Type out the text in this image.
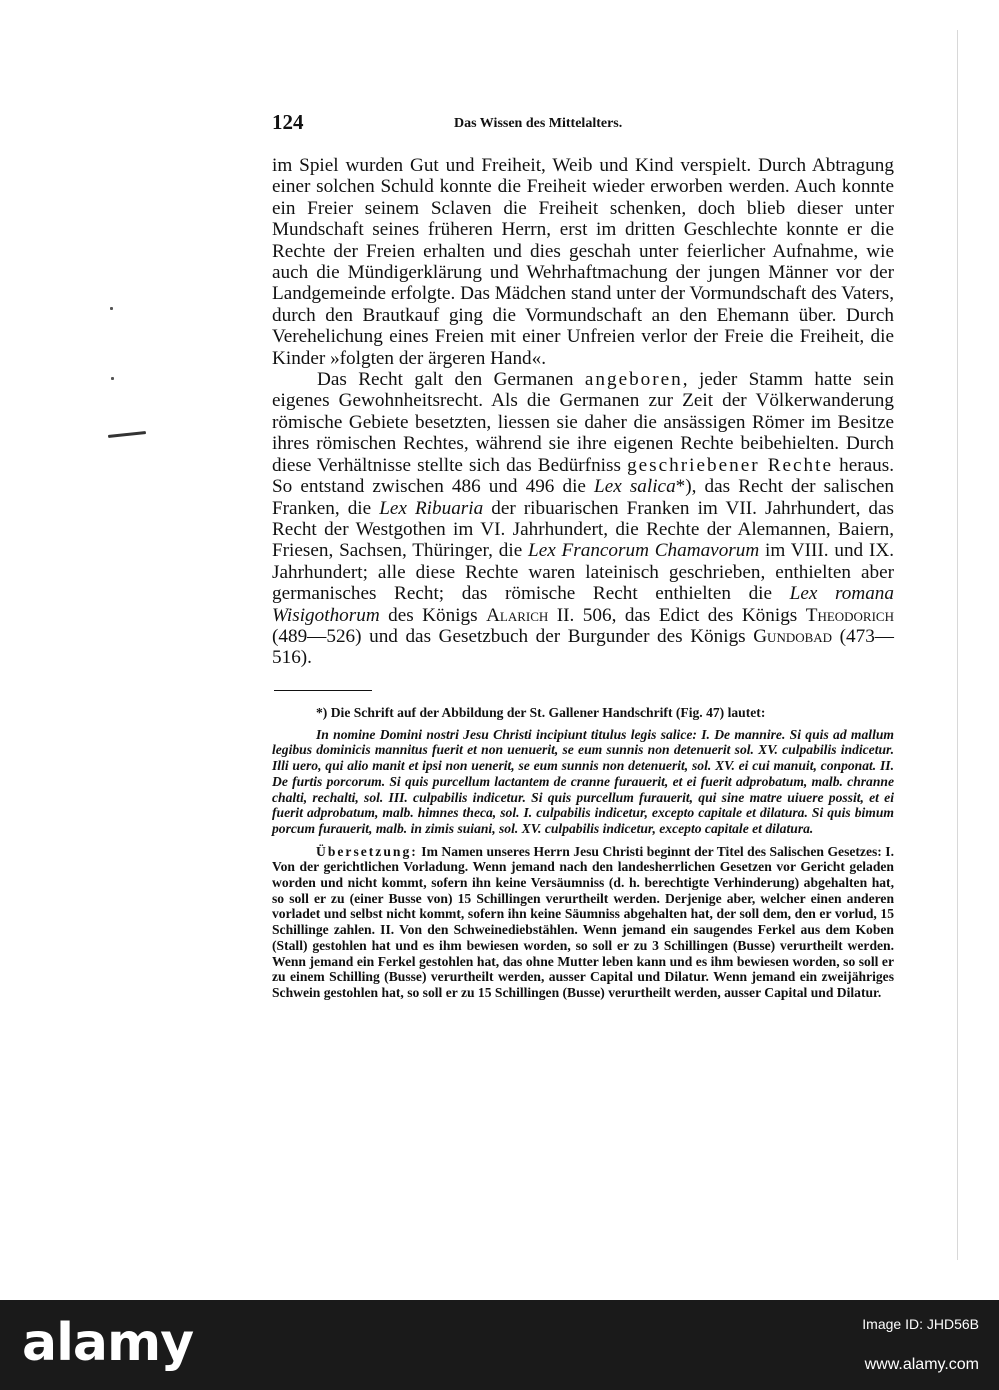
124	Das Wissen des Mittelalters.

im Spiel wurden Gut und Freiheit, Weib und Kind verspielt. Durch Abtragung einer solchen Schuld konnte die Freiheit wieder erworben werden. Auch konnte ein Freier seinem Sclaven die Freiheit schenken, doch blieb dieser unter Mundschaft seines früheren Herrn, erst im dritten Geschlechte konnte er die Rechte der Freien erhalten und dies geschah unter feierlicher Aufnahme, wie auch die Mündigerklärung und Wehrhaftmachung der jungen Männer vor der Landgemeinde erfolgte. Das Mädchen stand unter der Vormundschaft des Vaters, durch den Brautkauf ging die Vormundschaft an den Ehemann über. Durch Verehelichung eines Freien mit einer Unfreien verlor der Freie die Freiheit, die Kinder »folgten der ärgeren Hand«.

Das Recht galt den Germanen angeboren, jeder Stamm hatte sein eigenes Gewohnheitsrecht. Als die Germanen zur Zeit der Völkerwanderung römische Gebiete besetzten, liessen sie daher die ansässigen Römer im Besitze ihres römischen Rechtes, während sie ihre eigenen Rechte beibehielten. Durch diese Verhältnisse stellte sich das Bedürfniss geschriebener Rechte heraus. So entstand zwischen 486 und 496 die Lex salica*), das Recht der salischen Franken, die Lex Ribuaria der ribuarischen Franken im VII. Jahrhundert, das Recht der Westgothen im VI. Jahrhundert, die Rechte der Alemannen, Baiern, Friesen, Sachsen, Thüringer, die Lex Francorum Chamavorum im VIII. und IX. Jahrhundert; alle diese Rechte waren lateinisch geschrieben, enthielten aber germanisches Recht; das römische Recht enthielten die Lex romana Wisigothorum des Königs Alarich II. 506, das Edict des Königs Theodorich (489—526) und das Gesetzbuch der Burgunder des Königs Gundobad (473—516).

*) Die Schrift auf der Abbildung der St. Gallener Handschrift (Fig. 47) lautet:

In nomine Domini nostri Jesu Christi incipiunt titulus legis salice: I. De mannire. Si quis ad mallum legibus dominicis mannitus fuerit et non uenuerit, se eum sunnis non detenuerit sol. XV. culpabilis indicetur. Illi uero, qui alio manit et ipsi non uenerit, se eum sunnis non detenuerit, sol. XV. ei cui manuit, conponat. II. De furtis porcorum. Si quis purcellum lactantem de cranne furauerit, et ei fuerit adprobatum, malb. chranne chalti, rechalti, sol. III. culpabilis indicetur. Si quis purcellum furauerit, qui sine matre uiuere possit, et ei fuerit adprobatum, malb. himnes theca, sol. I. culpabilis indicetur, excepto capitale et dilatura. Si quis bimum porcum furauerit, malb. in zimis suiani, sol. XV. culpabilis indicetur, excepto capitale et dilatura.

Übersetzung: Im Namen unseres Herrn Jesu Christi beginnt der Titel des Salischen Gesetzes: I. Von der gerichtlichen Vorladung. Wenn jemand nach den landesherrlichen Gesetzen vor Gericht geladen worden und nicht kommt, sofern ihn keine Versäumniss (d. h. berechtigte Verhinderung) abgehalten hat, so soll er zu (einer Busse von) 15 Schillingen verurtheilt werden. Derjenige aber, welcher einen anderen vorladet und selbst nicht kommt, sofern ihn keine Säumniss abgehalten hat, der soll dem, den er vorlud, 15 Schillinge zahlen. II. Von den Schweinediebstählen. Wenn jemand ein saugendes Ferkel aus dem Koben (Stall) gestohlen hat und es ihm bewiesen worden, so soll er zu 3 Schillingen (Busse) verurtheilt werden. Wenn jemand ein Ferkel gestohlen hat, das ohne Mutter leben kann und es ihm bewiesen worden, so soll er zu einem Schilling (Busse) verurtheilt werden, ausser Capital und Dilatur. Wenn jemand ein zweijähriges Schwein gestohlen hat, so soll er zu 15 Schillingen (Busse) verurtheilt werden, ausser Capital und Dilatur.

alamy	Image ID: JHD56B
www.alamy.com
